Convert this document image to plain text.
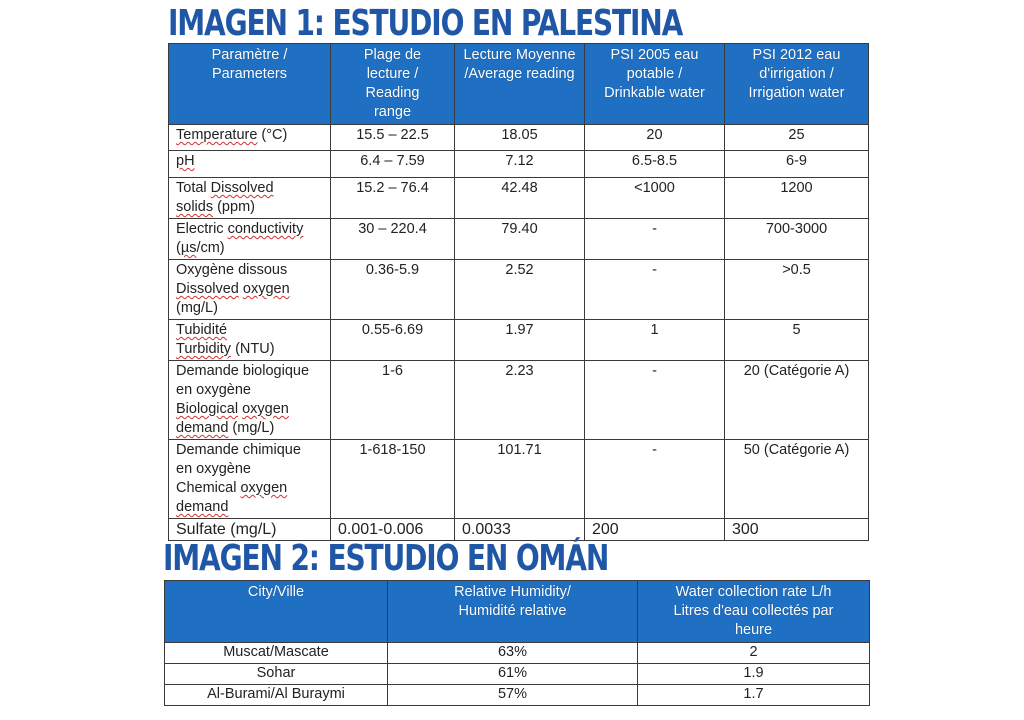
IMAGEN 1: ESTUDIO EN PALESTINA
Paramètre /
Parameters	Plage de
lecture /
Reading
range	Lecture Moyenne
/Average reading	PSI 2005 eau
potable /
Drinkable water	PSI 2012 eau
d'irrigation /
Irrigation water
Temperature (°C)	15.5 – 22.5	18.05	20	25
pH	6.4 – 7.59	7.12	6.5-8.5	6-9
Total Dissolved
solids (ppm)	15.2 – 76.4	42.48	<1000	1200
Electric conductivity
(µs/cm)	30 – 220.4	79.40	-	700-3000
Oxygène dissous
Dissolved oxygen
(mg/L)	0.36-5.9	2.52	-	>0.5
Tubidité
Turbidity (NTU)	0.55-6.69	1.97	1	5
Demande biologique
en oxygène
Biological oxygen
demand (mg/L)	1-6	2.23	-	20 (Catégorie A)
Demande chimique
en oxygène
Chemical oxygen
demand	1-618-150	101.71	-	50 (Catégorie A)
Sulfate (mg/L)	0.001-0.006	0.0033	200	300
IMAGEN 2: ESTUDIO EN OMÁN
City/Ville	Relative Humidity/
Humidité relative	Water collection rate L/h
Litres d'eau collectés par
heure
Muscat/Mascate	63%	2
Sohar	61%	1.9
Al-Burami/Al Buraymi	57%	1.7
